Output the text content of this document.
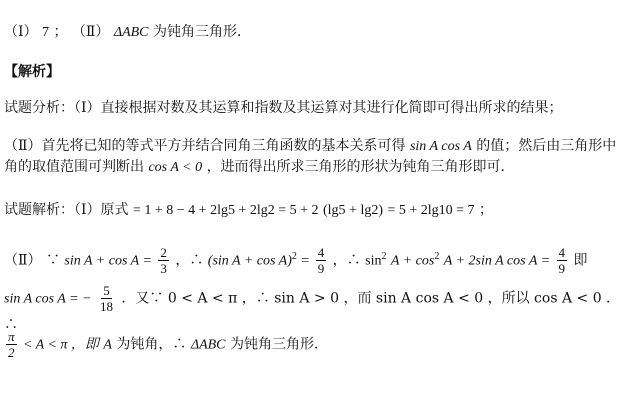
（Ⅰ） 7 ； （Ⅱ） ΔABC 为钝角三角形．
【解析】
试题分析：（Ⅰ）直接根据对数及其运算和指数及其运算对其进行化简即可得出所求的结果；
（Ⅱ）首先将已知的等式平方并结合同角三角函数的基本关系可得 sin A cos A 的值；然后由三角形中
角的取值范围可判断出 cos A < 0 ，进而得出所求三角形的形状为钝角三角形即可．
试题解析：（Ⅰ）原式 = 1 + 8 − 4 + 2lg5 + 2lg2 = 5 + 2 (lg5 + lg2) = 5 + 2lg10 = 7 ；
（Ⅱ） ∵ $\sin A + \cos A = \frac{2}{3}$ ，∴ (sin $A + \cos A)^2 = \frac{4}{9}$ ，∴ $\sin^2 A + \cos^2 A + 2\sin$ A $\cos A = \frac{4}{9}$ 即
sin A cos A = − $\frac{5}{18}$ ．又∵ 0 < A < π ，∴ sin A > 0 ，而 sin A cos A < 0 ，所以 cos A < 0 ．∴
$\frac{\pi}{2} < A < \pi$ ，即 A 为钝角，∴ ΔABC 为钝角三角形．
